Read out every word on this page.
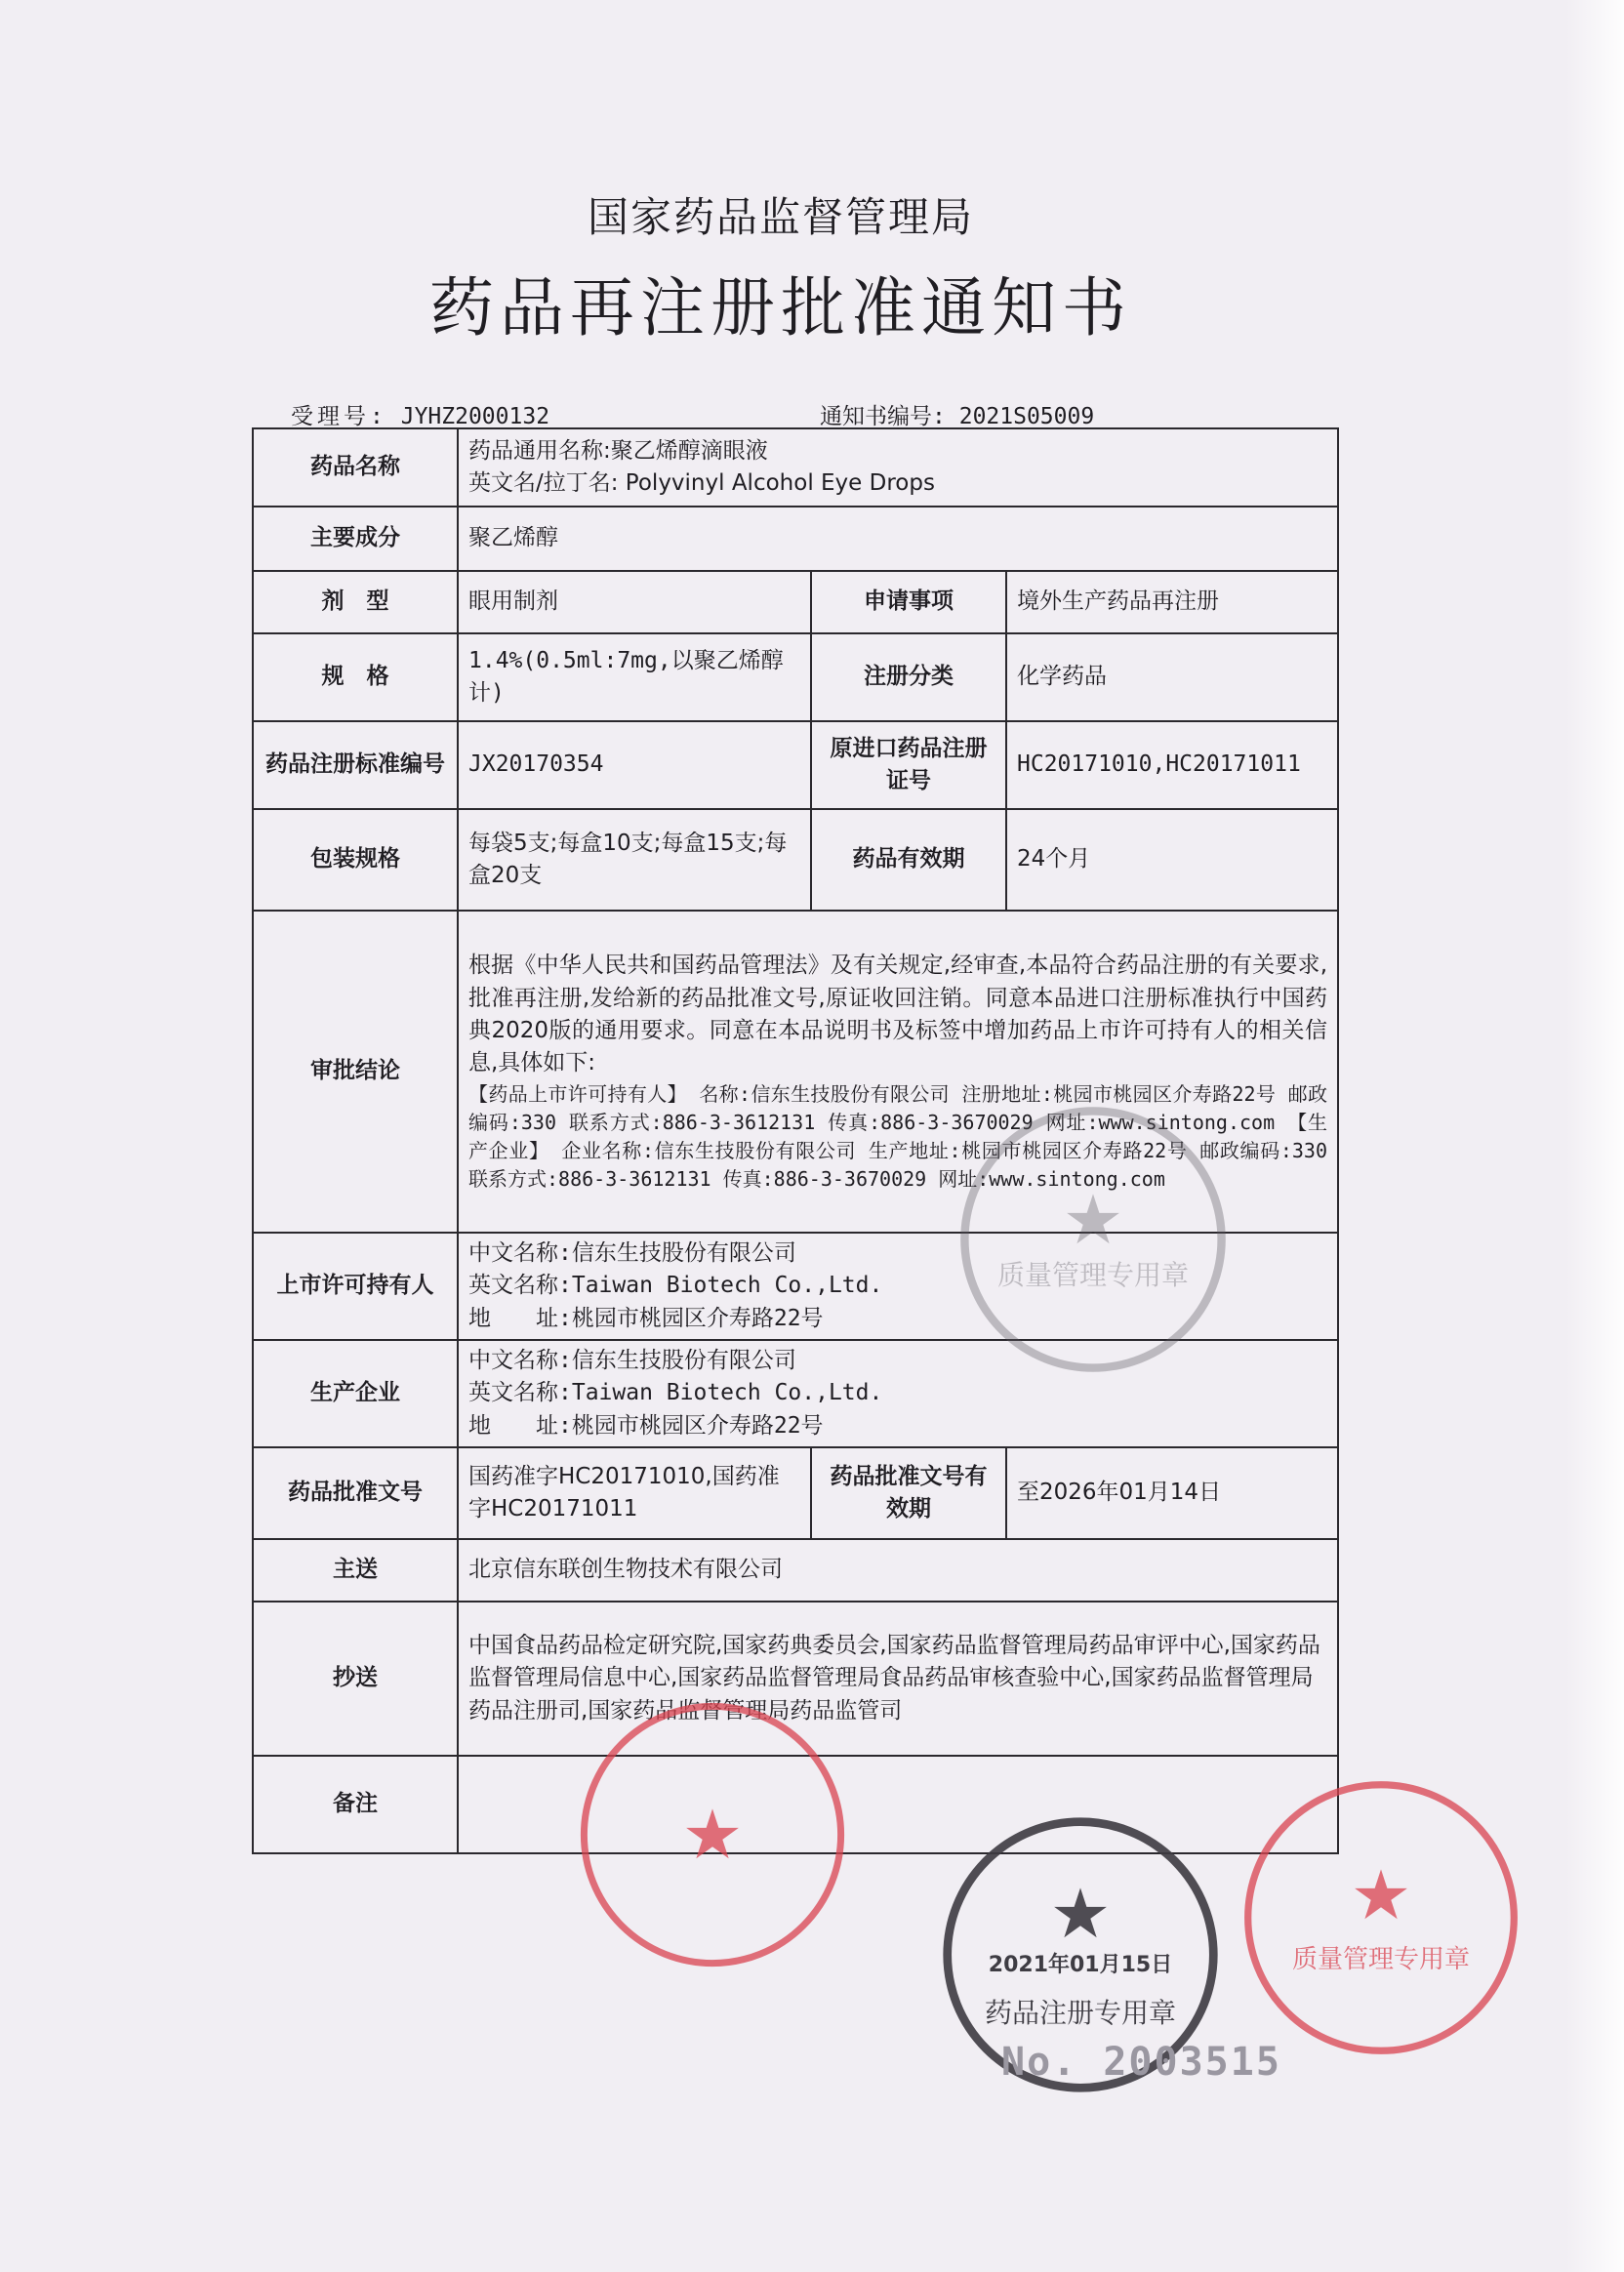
国家药品监督管理局
药品再注册批准通知书
受理号: JYHZ2000132	通知书编号: 2021S05009
药品名称	药品通用名称:聚乙烯醇滴眼液
英文名/拉丁名: Polyvinyl Alcohol Eye Drops		

主要成分	聚乙烯醇		
剂　型	眼用制剂	申请事项	境外生产药品再注册
规　格	1.4%(0.5ml:7mg,以聚乙烯醇计)	注册分类	化学药品
药品注册标准编号	JX20170354	原进口药品注册证号	HC20171010,HC20171011
包装规格	每袋5支;每盒10支;每盒15支;每盒20支	药品有效期	24个月
审批结论	根据《中华人民共和国药品管理法》及有关规定,经审查,本品符合药品注册的有关要求,批准再注册,发给新的药品批准文号,原证收回注销。同意本品进口注册标准执行中国药典2020版的通用要求。同意在本品说明书及标签中增加药品上市许可持有人的相关信息,具体如下:
【药品上市许可持有人】 名称:信东生技股份有限公司 注册地址:桃园市桃园区介寿路22号 邮政编码:330 联系方式:886-3-3612131 传真:886-3-3670029 网址:www.sintong.com 【生产企业】 企业名称:信东生技股份有限公司 生产地址:桃园市桃园区介寿路22号 邮政编码:330 联系方式:886-3-3612131 传真:886-3-3670029 网址:www.sintong.com		

上市许可持有人	中文名称:信东生技股份有限公司
英文名称:Taiwan Biotech Co.,Ltd.
地　　址:桃园市桃园区介寿路22号		

生产企业	中文名称:信东生技股份有限公司
英文名称:Taiwan Biotech Co.,Ltd.
地　　址:桃园市桃园区介寿路22号		

药品批准文号	国药准字HC20171010,国药准字HC20171011	药品批准文号有效期	至2026年01月14日
主送	北京信东联创生物技术有限公司		
抄送	中国食品药品检定研究院,国家药典委员会,国家药品监督管理局药品审评中心,国家药品监督管理局信息中心,国家药品监督管理局食品药品审核查验中心,国家药品监督管理局药品注册司,国家药品监督管理局药品监管司		
备注			
★
质量管理专用章
★
★
2021年01月15日
药品注册专用章
★
质量管理专用章
No. 2003515
